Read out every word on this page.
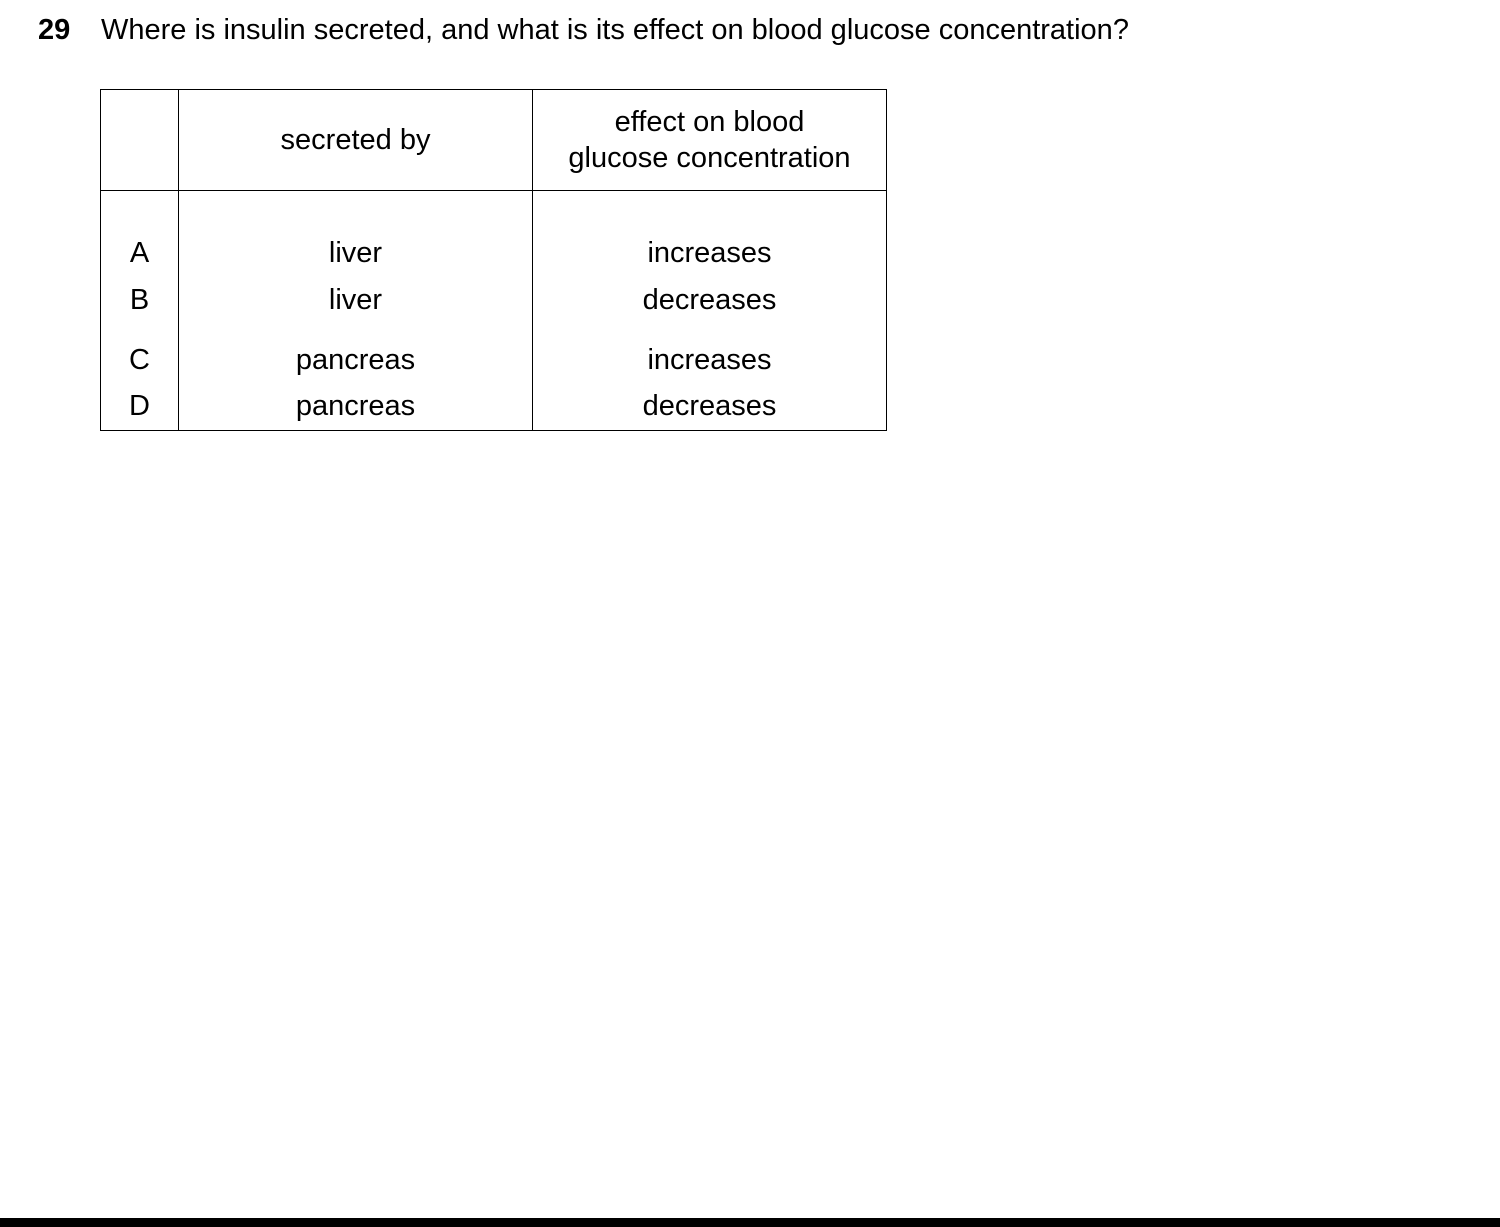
29	Where is insulin secreted, and what is its effect on blood glucose concentration?
	secreted by	effect on blood
glucose concentration

A	liver	increases
B	liver	decreases
C	pancreas	increases
D	pancreas	decreases
